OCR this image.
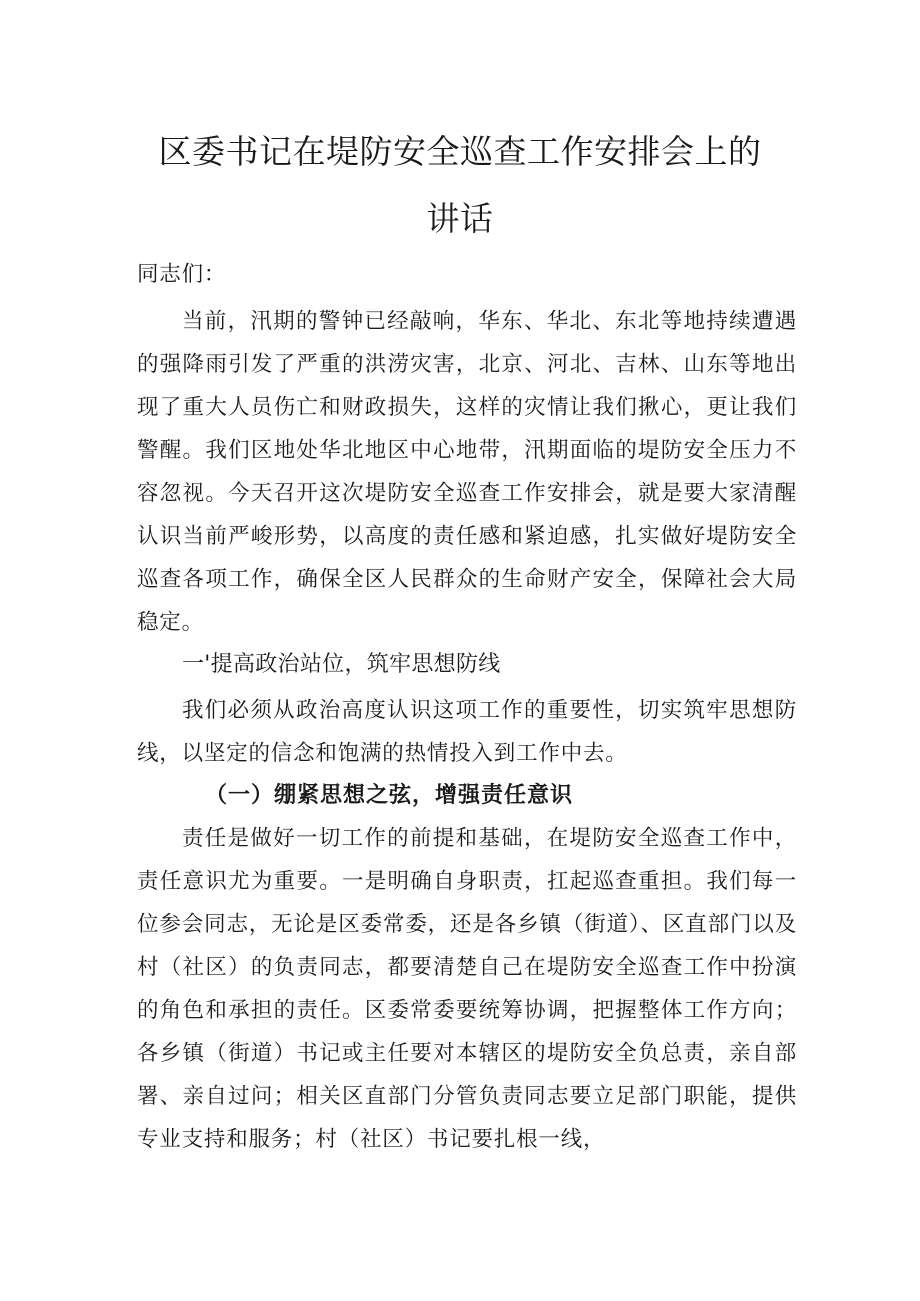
区委书记在堤防安全巡查工作安排会上的
讲话

同志们：

当前，汛期的警钟已经敲响，华东、华北、东北等地持续遭遇的强降雨引发了严重的洪涝灾害，北京、河北、吉林、山东等地出现了重大人员伤亡和财政损失，这样的灾情让我们揪心，更让我们警醒。我们区地处华北地区中心地带，汛期面临的堤防安全压力不容忽视。今天召开这次堤防安全巡查工作安排会，就是要大家清醒认识当前严峻形势，以高度的责任感和紧迫感，扎实做好堤防安全巡查各项工作，确保全区人民群众的生命财产安全，保障社会大局稳定。

一'提高政治站位，筑牢思想防线

我们必须从政治高度认识这项工作的重要性，切实筑牢思想防线，以坚定的信念和饱满的热情投入到工作中去。

（一）绷紧思想之弦，增强责任意识

责任是做好一切工作的前提和基础，在堤防安全巡查工作中，责任意识尤为重要。一是明确自身职责，扛起巡查重担。我们每一位参会同志，无论是区委常委，还是各乡镇（街道）、区直部门以及村（社区）的负责同志，都要清楚自己在堤防安全巡查工作中扮演的角色和承担的责任。区委常委要统筹协调，把握整体工作方向；各乡镇（街道）书记或主任要对本辖区的堤防安全负总责，亲自部署、亲自过问；相关区直部门分管负责同志要立足部门职能，提供专业支持和服务；村（社区）书记要扎根一线，
